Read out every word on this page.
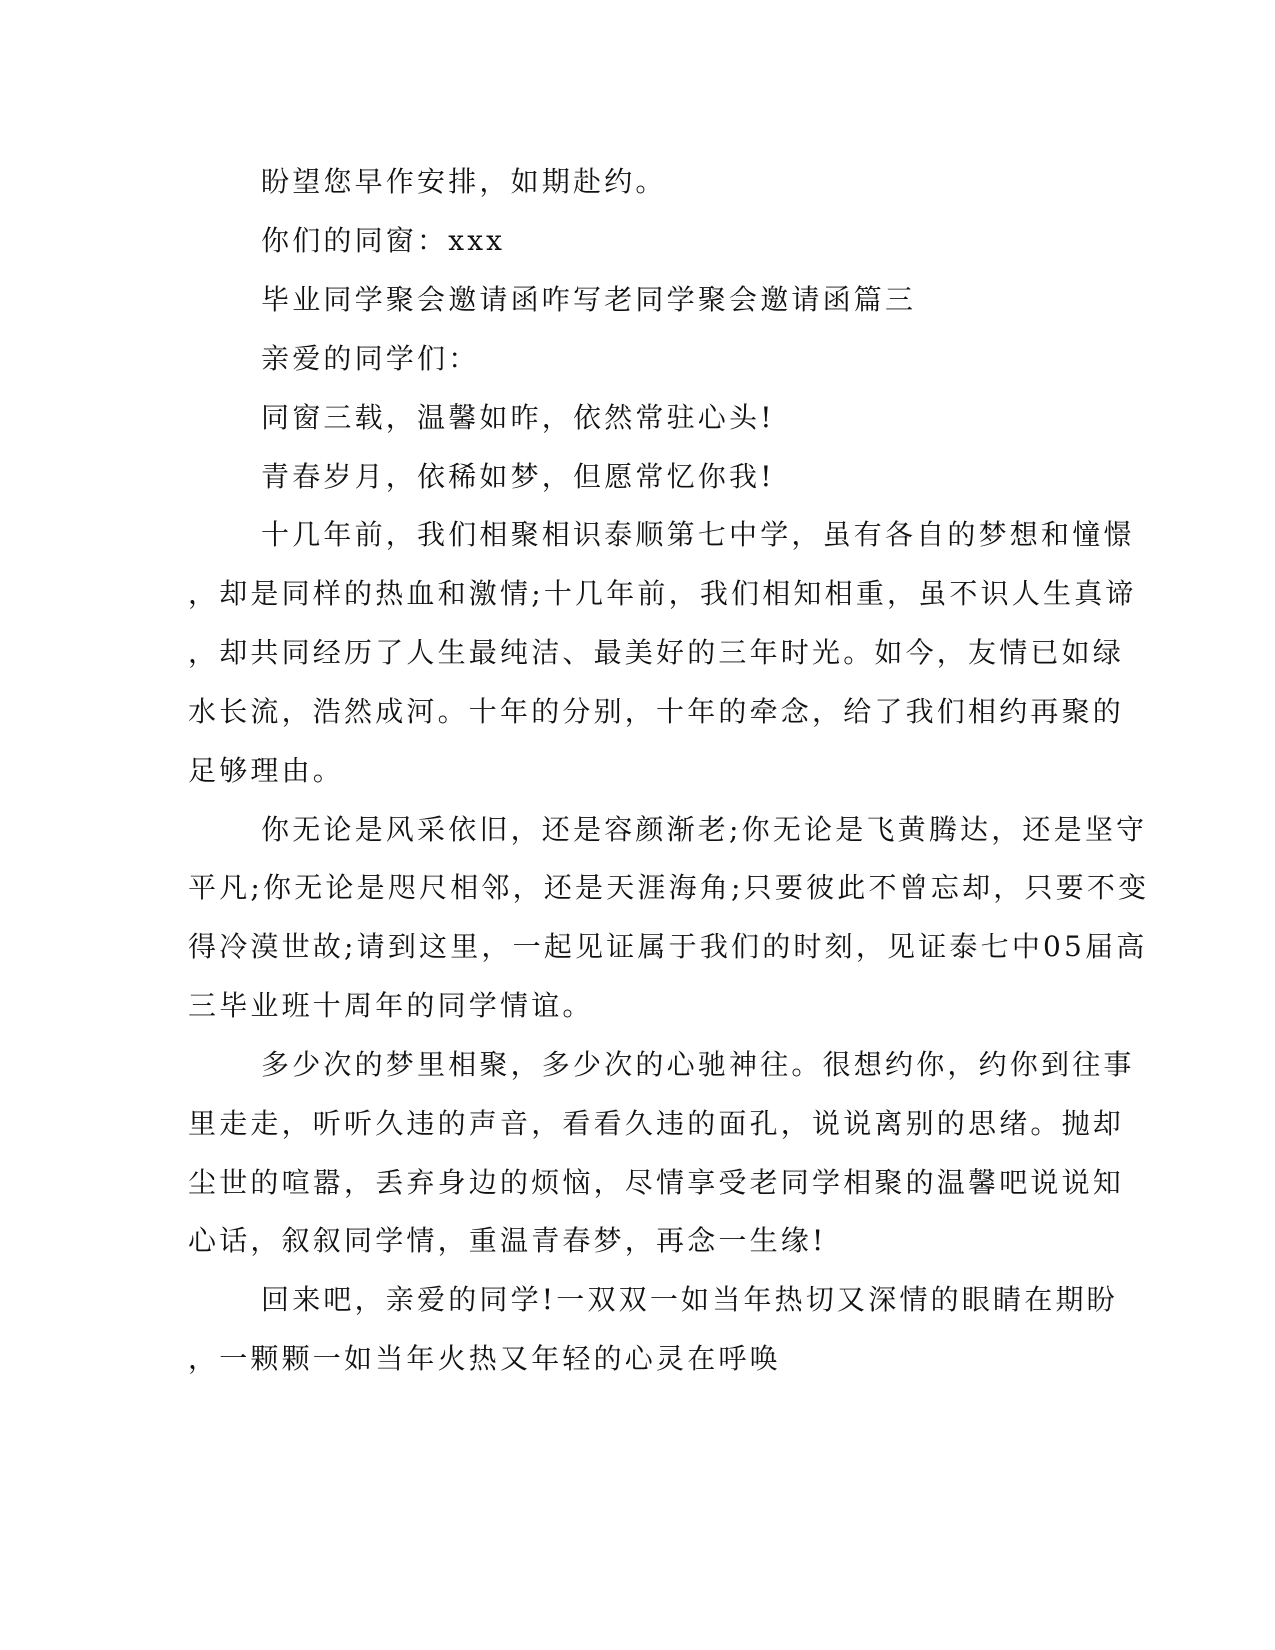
盼望您早作安排，如期赴约。
你们的同窗：xxx
毕业同学聚会邀请函咋写老同学聚会邀请函篇三
亲爱的同学们：
同窗三载，温馨如昨，依然常驻心头!
青春岁月，依稀如梦，但愿常忆你我!
十几年前，我们相聚相识泰顺第七中学，虽有各自的梦想和憧憬
，却是同样的热血和激情;十几年前，我们相知相重，虽不识人生真谛
，却共同经历了人生最纯洁、最美好的三年时光。如今，友情已如绿
水长流，浩然成河。十年的分别，十年的牵念，给了我们相约再聚的
足够理由。
你无论是风采依旧，还是容颜渐老;你无论是飞黄腾达，还是坚守
平凡;你无论是咫尺相邻，还是天涯海角;只要彼此不曾忘却，只要不变
得冷漠世故;请到这里，一起见证属于我们的时刻，见证泰七中05届高
三毕业班十周年的同学情谊。
多少次的梦里相聚，多少次的心驰神往。很想约你，约你到往事
里走走，听听久违的声音，看看久违的面孔，说说离别的思绪。抛却
尘世的喧嚣，丢弃身边的烦恼，尽情享受老同学相聚的温馨吧说说知
心话，叙叙同学情，重温青春梦，再念一生缘!
回来吧，亲爱的同学!一双双一如当年热切又深情的眼睛在期盼
，一颗颗一如当年火热又年轻的心灵在呼唤
